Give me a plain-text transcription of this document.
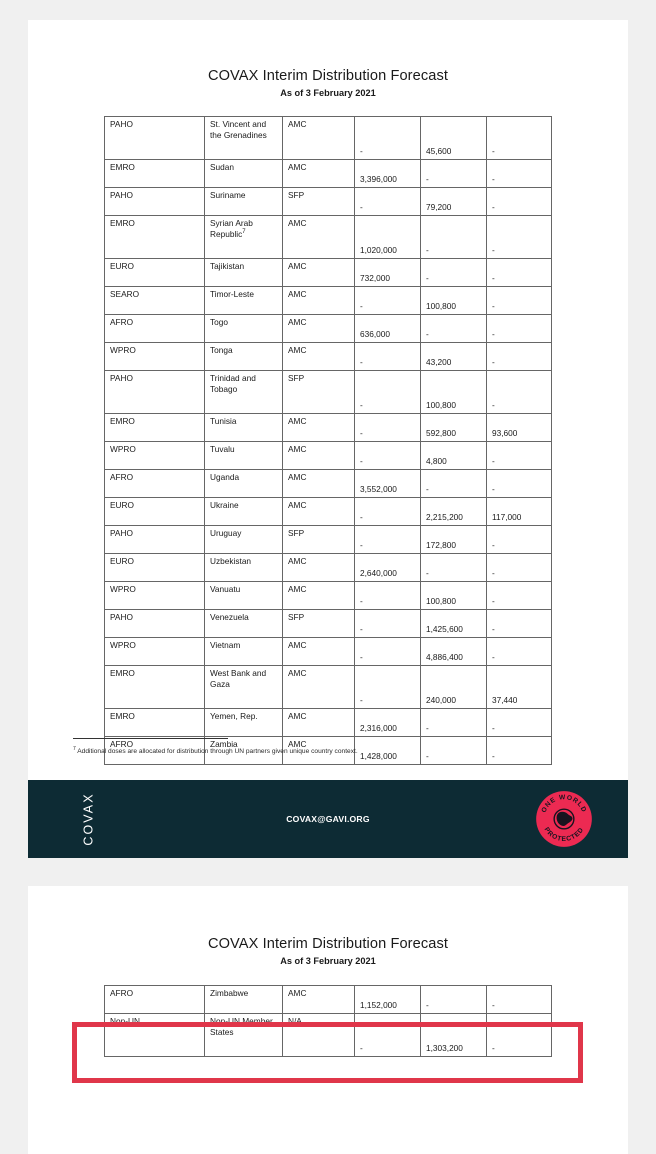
COVAX Interim Distribution Forecast
As of 3 February 2021
PAHO	St. Vincent and the Grenadines	AMC	-	45,600	-
EMRO	Sudan	AMC	3,396,000	-	-
PAHO	Suriname	SFP	-	79,200	-
EMRO	Syrian Arab Republic$^7$	AMC	1,020,000	-	-
EURO	Tajikistan	AMC	732,000	-	-
SEARO	Timor-Leste	AMC	-	100,800	-
AFRO	Togo	AMC	636,000	-	-
WPRO	Tonga	AMC	-	43,200	-
PAHO	Trinidad and Tobago	SFP	-	100,800	-
EMRO	Tunisia	AMC	-	592,800	93,600
WPRO	Tuvalu	AMC	-	4,800	-
AFRO	Uganda	AMC	3,552,000	-	-
EURO	Ukraine	AMC	-	2,215,200	117,000
PAHO	Uruguay	SFP	-	172,800	-
EURO	Uzbekistan	AMC	2,640,000	-	-
WPRO	Vanuatu	AMC	-	100,800	-
PAHO	Venezuela	SFP	-	1,425,600	-
WPRO	Vietnam	AMC	-	4,886,400	-
EMRO	West Bank and Gaza	AMC	-	240,000	37,440
EMRO	Yemen, Rep.	AMC	2,316,000	-	-
AFRO	Zambia	AMC	1,428,000	-	-
$^7$ Additional doses are allocated for distribution through UN partners given unique country context.
COVAX	COVAX@GAVI.ORG
ONE WORLD
PROTECTED
COVAX Interim Distribution Forecast
As of 3 February 2021
AFRO	Zimbabwe	AMC	1,152,000	-	-
Non-UN	Non-UN Member States	N/A	-	1,303,200	-
